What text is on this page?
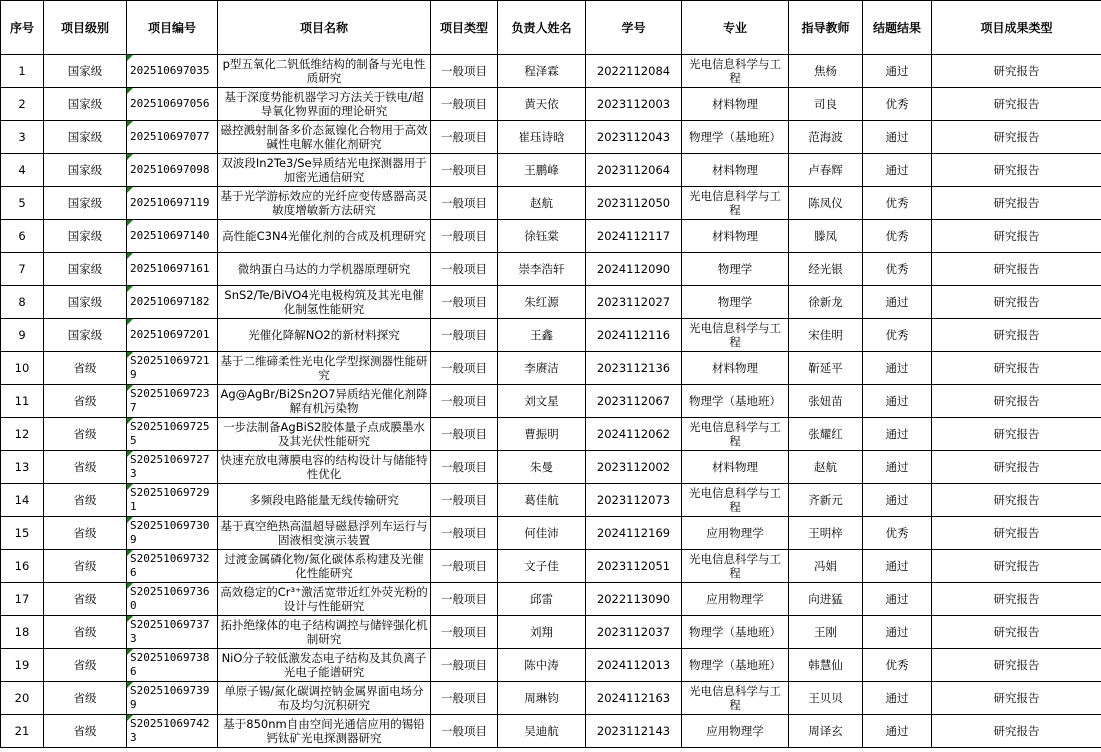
序号	项目级别	项目编号	项目名称	项目类型	负责人姓名	学号	专业	指导教师	结题结果	项目成果类型
1	国家级	202510697035	p型五氧化二钒低维结构的制备与光电性质研究	一般项目	程泽霖	2022112084	光电信息科学与工程	焦杨	通过	研究报告
2	国家级	202510697056	基于深度势能机器学习方法关于铁电/超导氧化物界面的理论研究	一般项目	黄天依	2023112003	材料物理	司良	优秀	研究报告
3	国家级	202510697077	磁控溅射制备多价态氮镍化合物用于高效碱性电解水催化剂研究	一般项目	崔珏诗晗	2023112043	物理学（基地班）	范海波	通过	研究报告
4	国家级	202510697098	双波段In2Te3/Se异质结光电探测器用于加密光通信研究	一般项目	王鹏峰	2023112064	材料物理	卢春辉	通过	研究报告
5	国家级	202510697119	基于光学游标效应的光纤应变传感器高灵敏度增敏新方法研究	一般项目	赵航	2023112050	光电信息科学与工程	陈凤仪	优秀	研究报告
6	国家级	202510697140	高性能C3N4光催化剂的合成及机理研究	一般项目	徐钰棠	2024112117	材料物理	滕凤	优秀	研究报告
7	国家级	202510697161	微纳蛋白马达的力学机器原理研究	一般项目	崇李浩轩	2024112090	物理学	经光银	优秀	研究报告
8	国家级	202510697182	SnS2/Te/BiVO4光电极构筑及其光电催化制氢性能研究	一般项目	朱红源	2023112027	物理学	徐新龙	通过	研究报告
9	国家级	202510697201	光催化降解NO2的新材料探究	一般项目	王鑫	2024112116	光电信息科学与工程	宋佳明	优秀	研究报告
10	省级	S202510697219	基于二维碲柔性光电化学型探测器性能研究	一般项目	李赓洁	2023112136	材料物理	靳延平	通过	研究报告
11	省级	S202510697237	Ag@AgBr/Bi2Sn2O7异质结光催化剂降解有机污染物	一般项目	刘文星	2023112067	物理学（基地班）	张妞苗	通过	研究报告
12	省级	S202510697255	一步法制备AgBiS2胶体量子点成膜墨水及其光伏性能研究	一般项目	曹振明	2024112062	光电信息科学与工程	张耀红	通过	研究报告
13	省级	S202510697273	快速充放电薄膜电容的结构设计与储能特性优化	一般项目	朱曼	2023112002	材料物理	赵航	通过	研究报告
14	省级	S202510697291	多频段电路能量无线传输研究	一般项目	葛佳航	2023112073	光电信息科学与工程	齐新元	通过	研究报告
15	省级	S202510697309	基于真空绝热高温超导磁悬浮列车运行与固液相变演示装置	一般项目	何佳沛	2024112169	应用物理学	王明梓	优秀	研究报告
16	省级	S202510697326	过渡金属磷化物/氮化碳体系构建及光催化性能研究	一般项目	文子佳	2023112051	光电信息科学与工程	冯娟	通过	研究报告
17	省级	S202510697360	高效稳定的Cr³⁺激活宽带近红外荧光粉的设计与性能研究	一般项目	邱雷	2022113090	应用物理学	向进猛	通过	研究报告
18	省级	S202510697373	拓扑绝缘体的电子结构调控与储锌强化机制研究	一般项目	刘翔	2023112037	物理学（基地班）	王刚	通过	研究报告
19	省级	S202510697386	NiO分子较低激发态电子结构及其负离子光电子能谱研究	一般项目	陈中涛	2024112013	物理学（基地班）	韩慧仙	优秀	研究报告
20	省级	S202510697399	单原子锡/氮化碳调控钠金属界面电场分布及均匀沉积研究	一般项目	周琳钧	2024112163	光电信息科学与工程	王贝贝	通过	研究报告
21	省级	S202510697423	基于850nm自由空间光通信应用的锡铅钙钛矿光电探测器研究	一般项目	吴迪航	2023112143	应用物理学	周译玄	通过	研究报告
